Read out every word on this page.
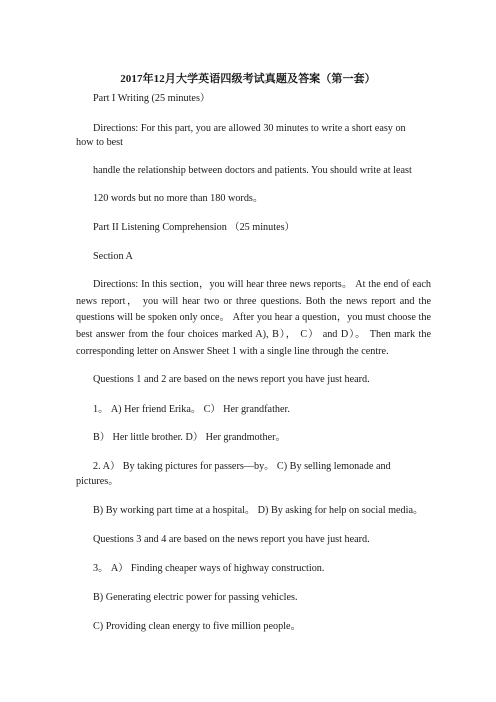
2017年12月大学英语四级考试真题及答案（第一套）
Part I Writing (25 minutes）
Directions: For this part, you are allowed 30 minutes to write a short easy on
how to best
handle the relationship between doctors and patients. You should write at least
120 words but no more than 180 words。
Part II Listening Comprehension （25 minutes）
Section A
Directions: In this section，you will hear three news reports。 At the end of each news report， you will hear two or three questions. Both the news report and the questions will be spoken only once。 After you hear a question，you must choose the best answer from the four choices marked A), B）， C） and D）。 Then mark the corresponding letter on Answer Sheet 1 with a single line through the centre.
Questions 1 and 2 are based on the news report you have just heard.
1。 A) Her friend Erika。 C） Her grandfather.
B） Her little brother. D） Her grandmother。
2. A） By taking pictures for passers—by。 C) By selling lemonade and
pictures。
B) By working part time at a hospital。 D) By asking for help on social media。
Questions 3 and 4 are based on the news report you have just heard.
3。 A） Finding cheaper ways of highway construction.
B) Generating electric power for passing vehicles.
C) Providing clean energy to five million people。
